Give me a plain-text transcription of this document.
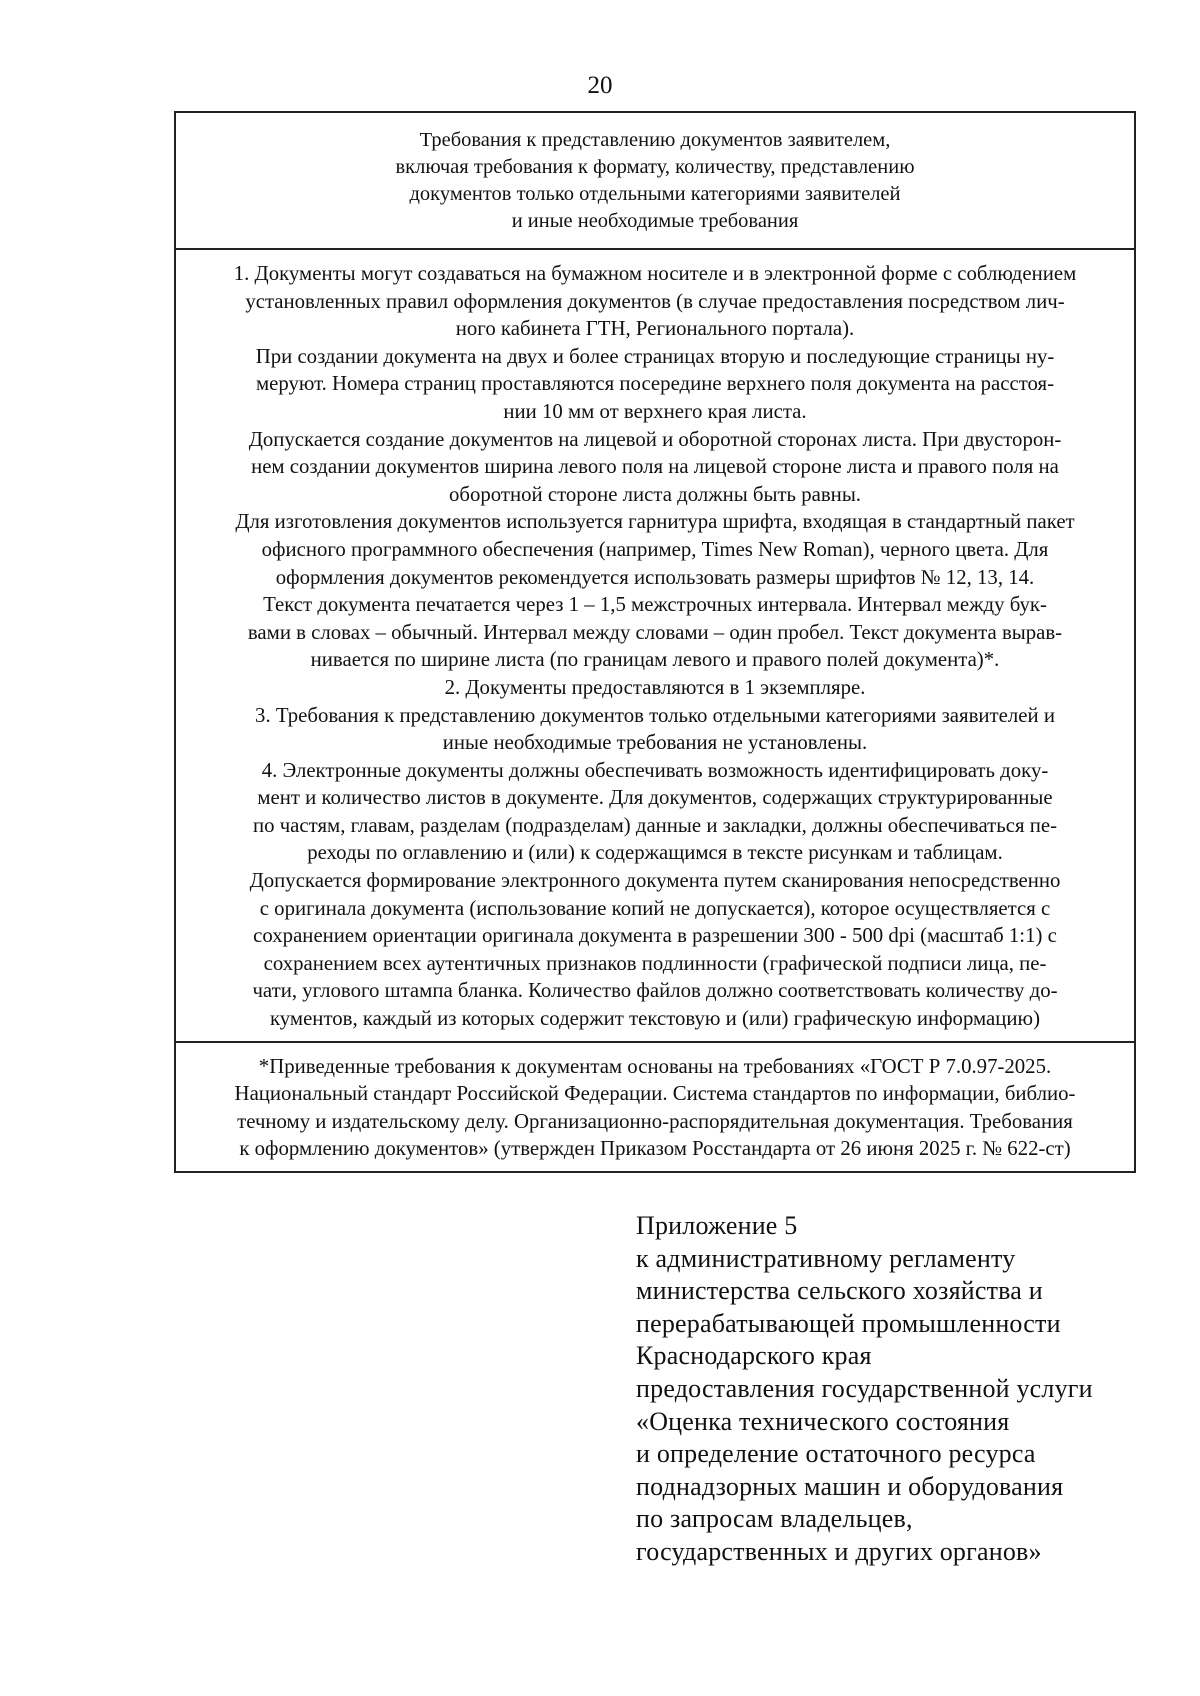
20
Требования к представлению документов заявителем,
включая требования к формату, количеству, представлению
документов только отдельными категориями заявителей
и иные необходимые требования
1. Документы могут создаваться на бумажном носителе и в электронной форме с соблюдением
установленных правил оформления документов (в случае предоставления посредством лич-
ного кабинета ГТН, Регионального портала).
При создании документа на двух и более страницах вторую и последующие страницы ну-
меруют. Номера страниц проставляются посередине верхнего поля документа на расстоя-
нии 10 мм от верхнего края листа.
Допускается создание документов на лицевой и оборотной сторонах листа. При двусторон-
нем создании документов ширина левого поля на лицевой стороне листа и правого поля на
оборотной стороне листа должны быть равны.
Для изготовления документов используется гарнитура шрифта, входящая в стандартный пакет
офисного программного обеспечения (например, Times New Roman), черного цвета. Для
оформления документов рекомендуется использовать размеры шрифтов № 12, 13, 14.
Текст документа печатается через 1 – 1,5 межстрочных интервала. Интервал между бук-
вами в словах – обычный. Интервал между словами – один пробел. Текст документа вырав-
нивается по ширине листа (по границам левого и правого полей документа)*.
2. Документы предоставляются в 1 экземпляре.
3. Требования к представлению документов только отдельными категориями заявителей и
иные необходимые требования не установлены.
4. Электронные документы должны обеспечивать возможность идентифицировать доку-
мент и количество листов в документе. Для документов, содержащих структурированные
по частям, главам, разделам (подразделам) данные и закладки, должны обеспечиваться пе-
реходы по оглавлению и (или) к содержащимся в тексте рисункам и таблицам.
Допускается формирование электронного документа путем сканирования непосредственно
с оригинала документа (использование копий не допускается), которое осуществляется с
сохранением ориентации оригинала документа в разрешении 300 - 500 dpi (масштаб 1:1) с
сохранением всех аутентичных признаков подлинности (графической подписи лица, пе-
чати, углового штампа бланка. Количество файлов должно соответствовать количеству до-
кументов, каждый из которых содержит текстовую и (или) графическую информацию)
*Приведенные требования к документам основаны на требованиях «ГОСТ Р 7.0.97-2025.
Национальный стандарт Российской Федерации. Система стандартов по информации, библио-
течному и издательскому делу. Организационно-распорядительная документация. Требования
к оформлению документов» (утвержден Приказом Росстандарта от 26 июня 2025 г. № 622-ст)
Приложение 5
к административному регламенту
министерства сельского хозяйства и
перерабатывающей промышленности
Краснодарского края
предоставления государственной услуги
«Оценка технического состояния
и определение остаточного ресурса
поднадзорных машин и оборудования
по запросам владельцев,
государственных и других органов»
